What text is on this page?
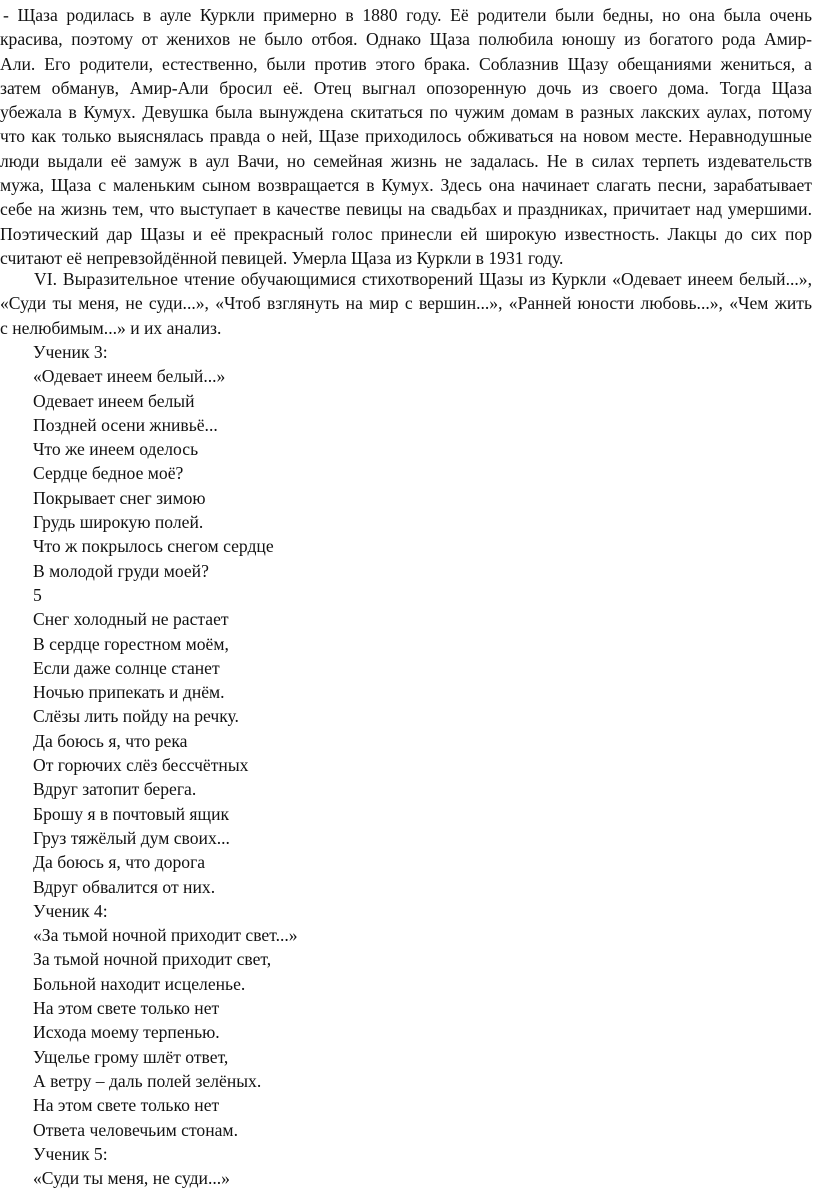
- Щаза родилась в ауле Куркли примерно в 1880 году. Её родители были бедны, но она была очень
красива, поэтому от женихов не было отбоя. Однако Щаза полюбила юношу из богатого рода Амир-
Али. Его родители, естественно, были против этого брака. Соблазнив Щазу обещаниями жениться, а
затем обманув, Амир-Али бросил её. Отец выгнал опозоренную дочь из своего дома. Тогда Щаза
убежала в Кумух. Девушка была вынуждена скитаться по чужим домам в разных лакских аулах, потому
что как только выяснялась правда о ней, Щазе приходилось обживаться на новом месте. Неравнодушные
люди выдали её замуж в аул Вачи, но семейная жизнь не задалась. Не в силах терпеть издевательств
мужа, Щаза с маленьким сыном возвращается в Кумух. Здесь она начинает слагать песни, зарабатывает
себе на жизнь тем, что выступает в качестве певицы на свадьбах и праздниках, причитает над умершими.
Поэтический дар Щазы и её прекрасный голос принесли ей широкую известность. Лакцы до сих пор
считают её непревзойдённой певицей. Умерла Щаза из Куркли в 1931 году.
VI. Выразительное чтение обучающимися стихотворений Щазы из Куркли «Одевает инеем белый...»,
«Суди ты меня, не суди...», «Чтоб взглянуть на мир с вершин...», «Ранней юности любовь...», «Чем жить
с нелюбимым...» и их анализ.
Ученик 3:
«Одевает инеем белый...»
Одевает инеем белый
Поздней осени жнивьё...
Что же инеем оделось
Сердце бедное моё?
Покрывает снег зимою
Грудь широкую полей.
Что ж покрылось снегом сердце
В молодой груди моей?
5
Снег холодный не растает
В сердце горестном моём,
Если даже солнце станет
Ночью припекать и днём.
Слёзы лить пойду на речку.
Да боюсь я, что река
От горючих слёз бессчётных
Вдруг затопит берега.
Брошу я в почтовый ящик
Груз тяжёлый дум своих...
Да боюсь я, что дорога
Вдруг обвалится от них.
Ученик 4:
«За тьмой ночной приходит свет...»
За тьмой ночной приходит свет,
Больной находит исцеленье.
На этом свете только нет
Исхода моему терпенью.
Ущелье грому шлёт ответ,
А ветру – даль полей зелёных.
На этом свете только нет
Ответа человечьим стонам.
Ученик 5:
«Суди ты меня, не суди...»
